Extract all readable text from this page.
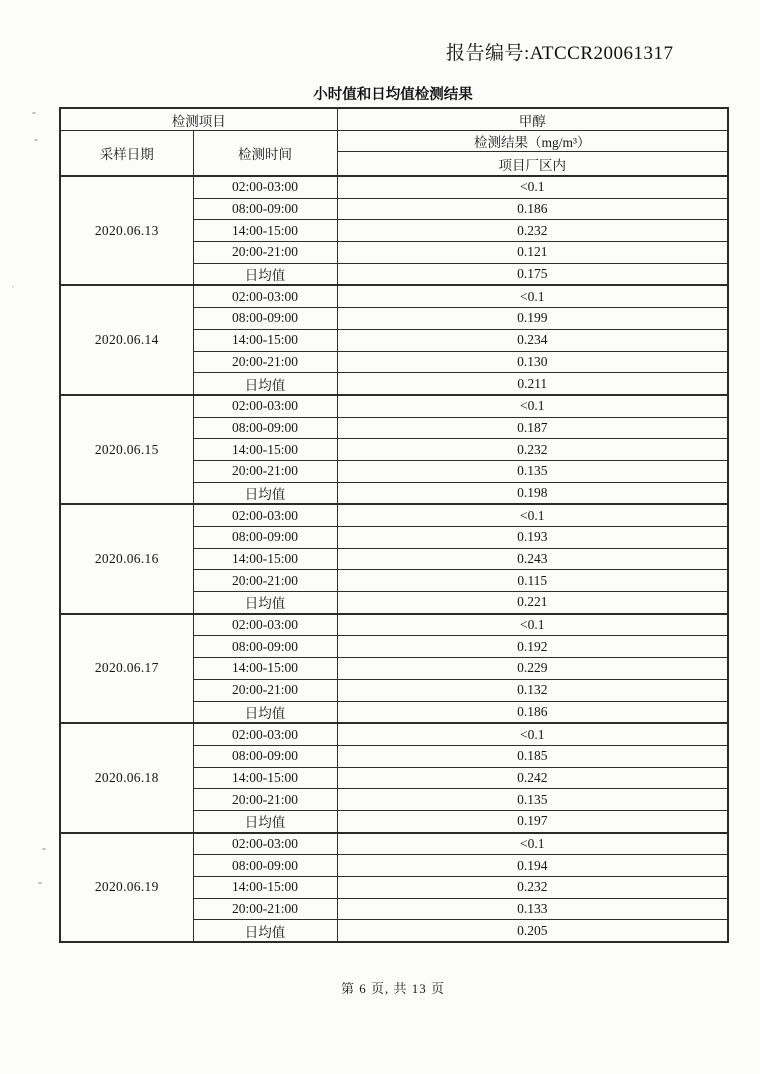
报告编号:ATCCR20061317
小时值和日均值检测结果
检测项目		甲醇
采样日期	检测时间	检测结果（mg/m³）
		项目厂区内
2020.06.13	02:00-03:00	<0.1
	08:00-09:00	0.186
	14:00-15:00	0.232
	20:00-21:00	0.121
	日均值	0.175
2020.06.14	02:00-03:00	<0.1
	08:00-09:00	0.199
	14:00-15:00	0.234
	20:00-21:00	0.130
	日均值	0.211
2020.06.15	02:00-03:00	<0.1
	08:00-09:00	0.187
	14:00-15:00	0.232
	20:00-21:00	0.135
	日均值	0.198
2020.06.16	02:00-03:00	<0.1
	08:00-09:00	0.193
	14:00-15:00	0.243
	20:00-21:00	0.115
	日均值	0.221
2020.06.17	02:00-03:00	<0.1
	08:00-09:00	0.192
	14:00-15:00	0.229
	20:00-21:00	0.132
	日均值	0.186
2020.06.18	02:00-03:00	<0.1
	08:00-09:00	0.185
	14:00-15:00	0.242
	20:00-21:00	0.135
	日均值	0.197
2020.06.19	02:00-03:00	<0.1
	08:00-09:00	0.194
	14:00-15:00	0.232
	20:00-21:00	0.133
	日均值	0.205
第 6 页, 共 13 页
